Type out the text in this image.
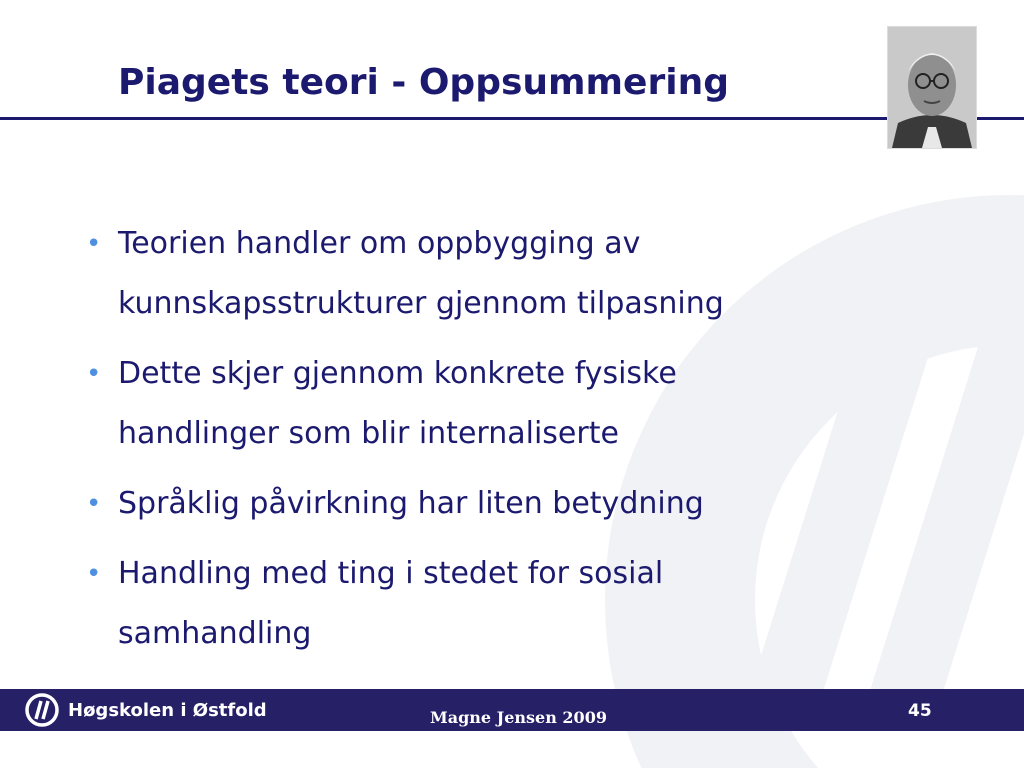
Piagets teori - Oppsummering
• Teorien handler om oppbygging av kunnskapsstrukturer gjennom tilpasning
• Dette skjer gjennom konkrete fysiske handlinger som blir internaliserte
• Språklig påvirkning har liten betydning
• Handling med ting i stedet for sosial samhandling
Høgskolen i Østfold	Magne Jensen 2009	45
